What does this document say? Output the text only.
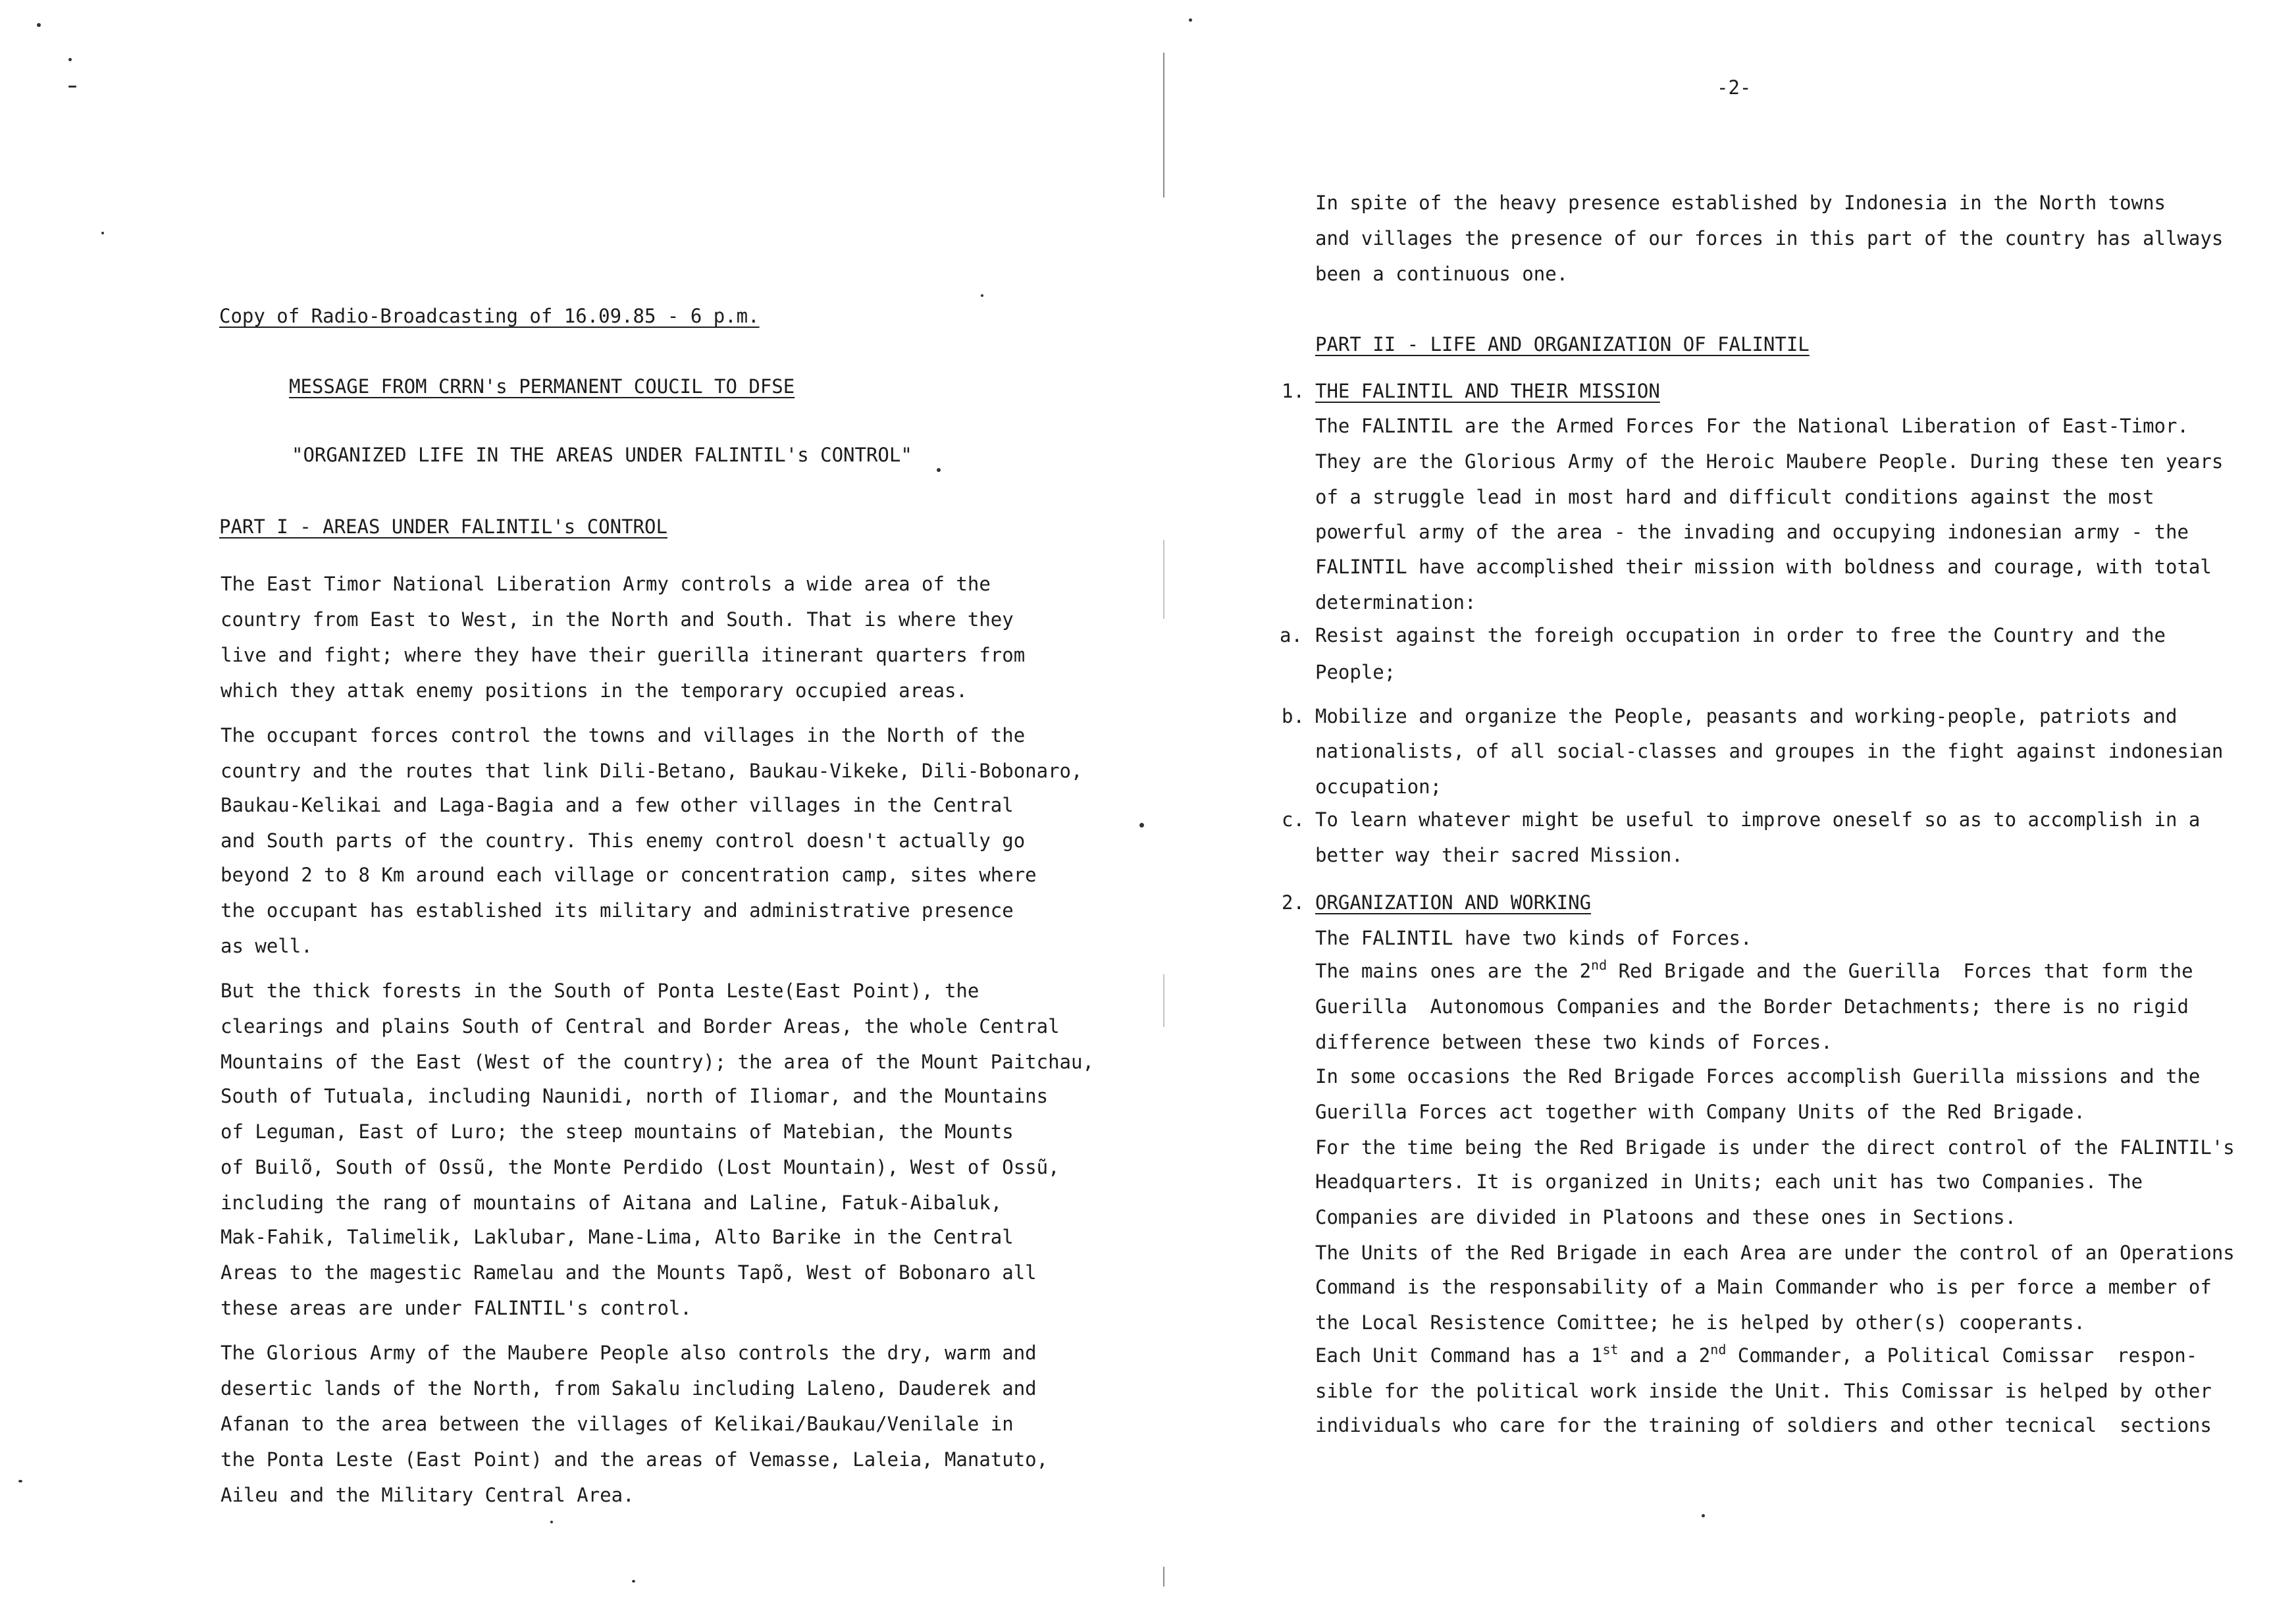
Copy of Radio-Broadcasting of 16.09.85 - 6 p.m.
MESSAGE FROM CRRN's PERMANENT COUCIL TO DFSE
"ORGANIZED LIFE IN THE AREAS UNDER FALINTIL's CONTROL"
PART I - AREAS UNDER FALINTIL's CONTROL
The East Timor National Liberation Army controls a wide area of the
country from East to West, in the North and South. That is where they
live and fight; where they have their guerilla itinerant quarters from
which they attak enemy positions in the temporary occupied areas.
The occupant forces control the towns and villages in the North of the
country and the routes that link Dili-Betano, Baukau-Vikeke, Dili-Bobonaro,
Baukau-Kelikai and Laga-Bagia and a few other villages in the Central
and South parts of the country. This enemy control doesn't actually go
beyond 2 to 8 Km around each village or concentration camp, sites where
the occupant has established its military and administrative presence
as well.
But the thick forests in the South of Ponta Leste(East Point), the
clearings and plains South of Central and Border Areas, the whole Central
Mountains of the East (West of the country); the area of the Mount Paitchau,
South of Tutuala, including Naunidi, north of Iliomar, and the Mountains
of Leguman, East of Luro; the steep mountains of Matebian, the Mounts
of Builõ, South of Ossũ, the Monte Perdido (Lost Mountain), West of Ossũ,
including the rang of mountains of Aitana and Laline, Fatuk-Aibaluk,
Mak-Fahik, Talimelik, Laklubar, Mane-Lima, Alto Barike in the Central
Areas to the magestic Ramelau and the Mounts Tapõ, West of Bobonaro all
these areas are under FALINTIL's control.
The Glorious Army of the Maubere People also controls the dry, warm and
desertic lands of the North, from Sakalu including Laleno, Dauderek and
Afanan to the area between the villages of Kelikai/Baukau/Venilale in
the Ponta Leste (East Point) and the areas of Vemasse, Laleia, Manatuto,
Aileu and the Military Central Area.
-2-
In spite of the heavy presence established by Indonesia in the North towns
and villages the presence of our forces in this part of the country has allways
been a continuous one.
PART II - LIFE AND ORGANIZATION OF FALINTIL
1. THE FALINTIL AND THEIR MISSION
The FALINTIL are the Armed Forces For the National Liberation of East-Timor.
They are the Glorious Army of the Heroic Maubere People. During these ten years
of a struggle lead in most hard and difficult conditions against the most
powerful army of the area - the invading and occupying indonesian army - the
FALINTIL have accomplished their mission with boldness and courage, with total
determination:
a. Resist against the foreigh occupation in order to free the Country and the
People;
b. Mobilize and organize the People, peasants and working-people, patriots and
nationalists, of all social-classes and groupes in the fight against indonesian
occupation;
c. To learn whatever might be useful to improve oneself so as to accomplish in a
better way their sacred Mission.
2. ORGANIZATION AND WORKING
The FALINTIL have two kinds of Forces.
The mains ones are the 2nd Red Brigade and the Guerilla  Forces that form the
Guerilla  Autonomous Companies and the Border Detachments; there is no rigid
difference between these two kinds of Forces.
In some occasions the Red Brigade Forces accomplish Guerilla missions and the
Guerilla Forces act together with Company Units of the Red Brigade.
For the time being the Red Brigade is under the direct control of the FALINTIL's
Headquarters. It is organized in Units; each unit has two Companies. The
Companies are divided in Platoons and these ones in Sections.
The Units of the Red Brigade in each Area are under the control of an Operations
Command is the responsability of a Main Commander who is per force a member of
the Local Resistence Comittee; he is helped by other(s) cooperants.
Each Unit Command has a 1st and a 2nd Commander, a Political Comissar  respon-
sible for the political work inside the Unit. This Comissar is helped by other
individuals who care for the training of soldiers and other tecnical  sections
